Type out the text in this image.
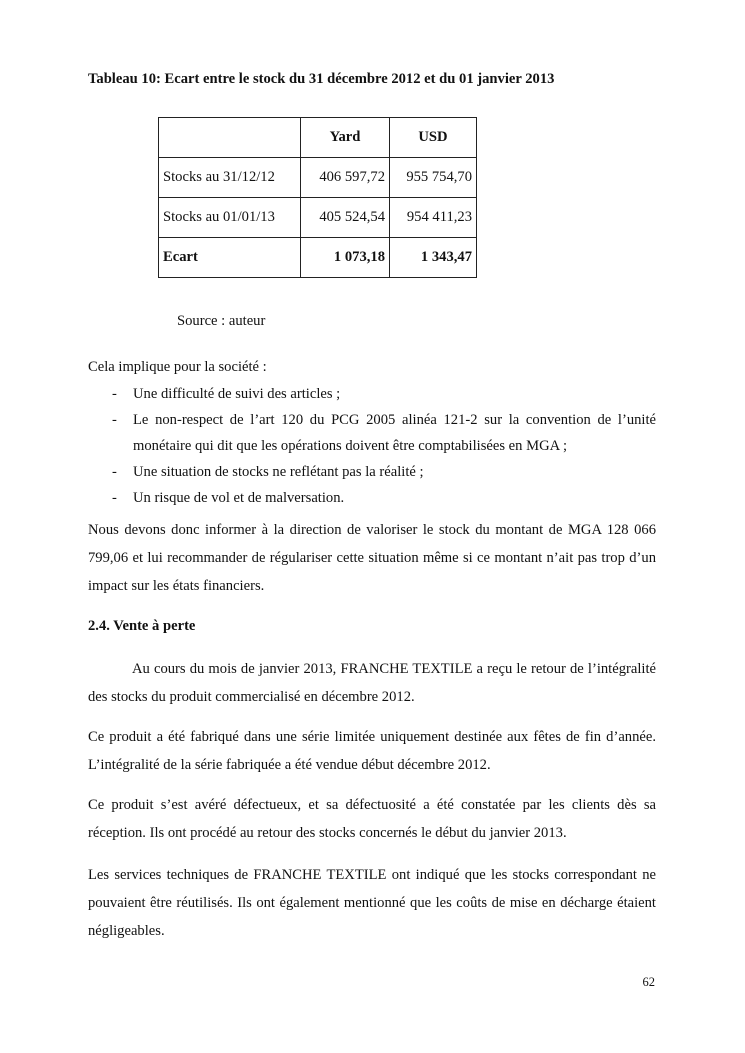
Tableau 10: Ecart entre le stock du 31 décembre 2012 et du 01 janvier 2013
	Yard	USD
Stocks au 31/12/12	406 597,72	955 754,70
Stocks au 01/01/13	405 524,54	954 411,23
Ecart	1 073,18	1 343,47
Source : auteur
Cela implique pour la société :
- Une difficulté de suivi des articles ;
- Le non-respect de l’art 120 du PCG 2005 alinéa 121-2 sur la convention de l’unité monétaire qui dit que les opérations doivent être comptabilisées en MGA ;
- Une situation de stocks ne reflétant pas la réalité ;
- Un risque de vol et de malversation.
Nous devons donc informer à la direction de valoriser le stock du montant de MGA 128 066 799,06 et lui recommander de régulariser cette situation même si ce montant n’ait pas trop d’un impact sur les états financiers.
2.4. Vente à perte
Au cours du mois de janvier 2013, FRANCHE TEXTILE a reçu le retour de l’intégralité des stocks du produit commercialisé en décembre 2012.
Ce produit a été fabriqué dans une série limitée uniquement destinée aux fêtes de fin d’année. L’intégralité de la série fabriquée a été vendue début décembre 2012.
Ce produit s’est avéré défectueux, et sa défectuosité a été constatée par les clients dès sa réception. Ils ont procédé au retour des stocks concernés le début du janvier 2013.
Les services techniques de FRANCHE TEXTILE ont indiqué que les stocks correspondant ne pouvaient être réutilisés. Ils ont également mentionné que les coûts de mise en décharge étaient négligeables.
62
